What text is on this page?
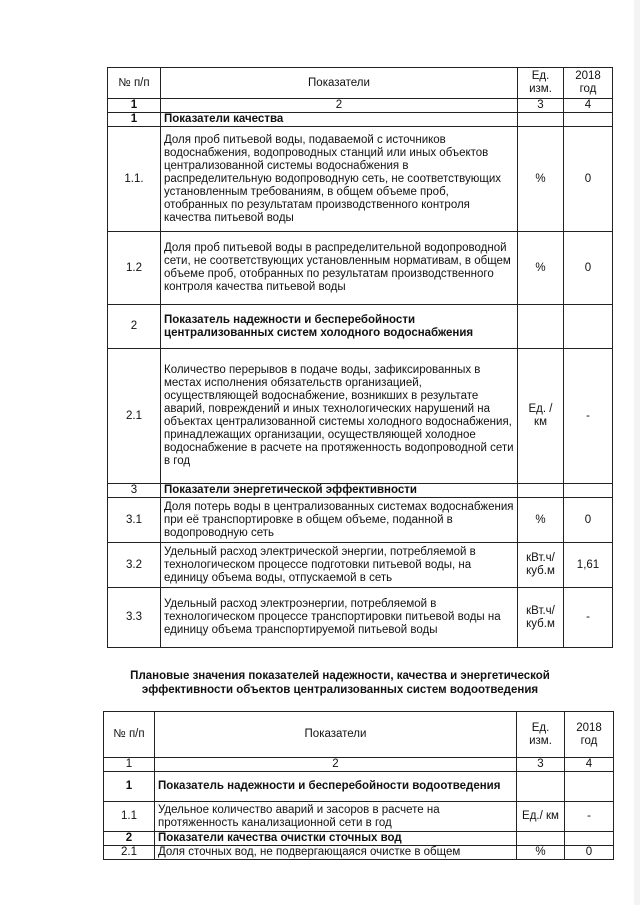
№ п/п	Показатели	Ед. изм.	2018 год
1	2	3	4
1	Показатели качества		
1.1.	Доля проб питьевой воды, подаваемой с источников водоснабжения, водопроводных станций или иных объектов централизованной системы водоснабжения в распределительную водопроводную сеть, не соответствующих установленным требованиям, в общем объеме проб, отобранных по результатам производственного контроля качества питьевой воды	%	0
1.2	Доля проб питьевой воды в распределительной водопроводной сети, не соответствующих установленным нормативам, в общем объеме проб, отобранных по результатам производственного контроля качества питьевой воды	%	0
2	Показатель надежности и бесперебойности централизованных систем холодного водоснабжения		
2.1	Количество перерывов в подаче воды, зафиксированных в местах исполнения обязательств организацией, осуществляющей водоснабжение, возникших в результате аварий, повреждений и иных технологических нарушений на объектах централизованной системы холодного водоснабжения, принадлежащих организации, осуществляющей холодное водоснабжение в расчете на протяженность водопроводной сети в год	Ед. / км	-
3	Показатели энергетической эффективности		
3.1	Доля потерь воды в централизованных системах водоснабжения при её транспортировке в общем объеме, поданной в водопроводную сеть	%	0
3.2	Удельный расход электрической энергии, потребляемой в технологическом процессе подготовки питьевой воды, на единицу объема воды, отпускаемой в сеть	кВт.ч/ куб.м	1,61
3.3	Удельный расход электроэнергии, потребляемой в технологическом процессе транспортировки питьевой воды на единицу объема транспортируемой питьевой воды	кВт.ч/ куб.м	-
Плановые значения показателей надежности, качества и энергетической
эффективности объектов централизованных систем водоотведения
№ п/п	Показатели	Ед. изм.	2018 год
1	2	3	4
1	Показатель надежности и бесперебойности водоотведения		
1.1	Удельное количество аварий и засоров в расчете на протяженность канализационной сети в год	Ед./ км	-
2	Показатели качества очистки сточных вод		
2.1	Доля сточных вод, не подвергающаяся очистке в общем	%	0
